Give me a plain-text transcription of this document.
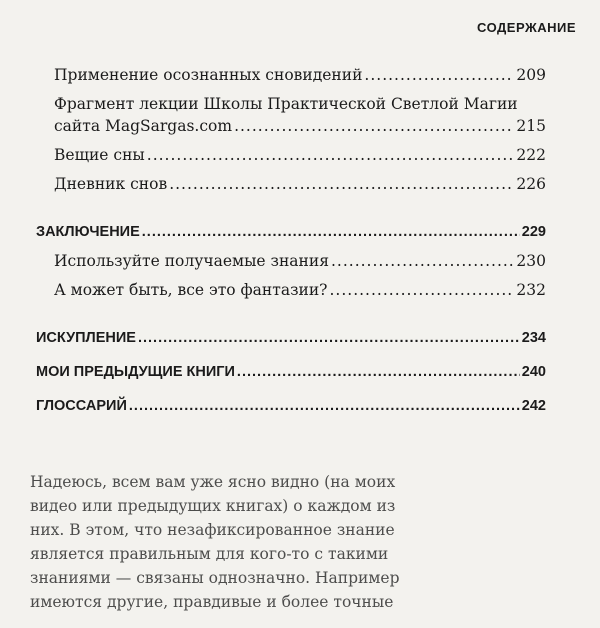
СОДЕРЖАНИЕ
Применение осознанных сновидений .....	209
Фрагмент лекции Школы Практической Светлой Магии
сайта MagSargas.com .....	215
Вещие сны .....	222
Дневник снов .....	226
ЗАКЛЮЧЕНИЕ .....	229
Используйте получаемые знания .....	230
А может быть, все это фантазии? .....	232
ИСКУПЛЕНИЕ .....	234
МОИ ПРЕДЫДУЩИЕ КНИГИ .....	240
ГЛОССАРИЙ .....	242
Надеюсь, всем вам уже ясно видно (на моих
видео или предыдущих книгах) о каждом из
них. В этом, что незафиксированное знание
является правильным для кого-то с такими
знаниями — связаны однозначно. Например
имеются другие, правдивые и более точные
